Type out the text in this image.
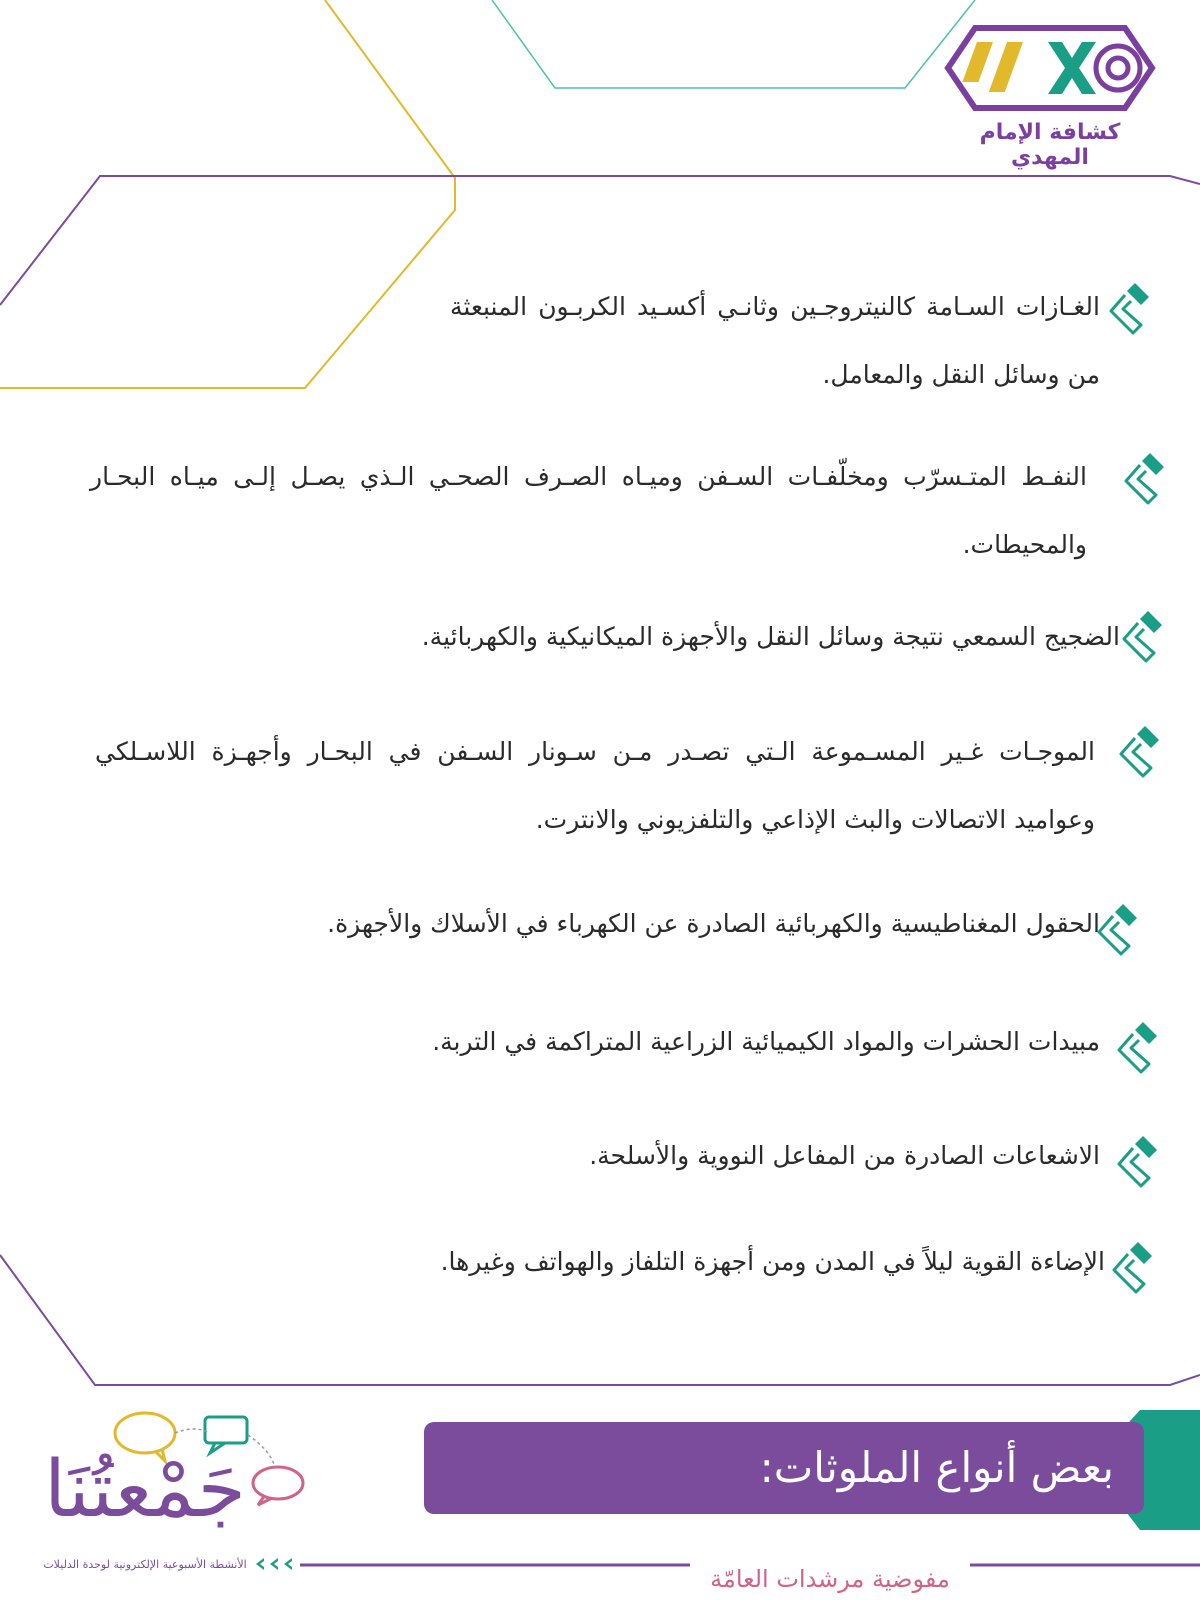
كشافة الإمام المهدي
الغـازات السـامة كالنيتروجـين وثانـي أكسـيد الكربـون المنبعثة من وسائل النقل والمعامل.
النفـط المتـسرّب ومخلّفـات السـفن وميـاه الصـرف الصحـي الـذي يصـل إلـى ميـاه البحـار والمحيطات.
الضجيج السمعي نتيجة وسائل النقل والأجهزة الميكانيكية والكهربائية.
الموجـات غـير المسـموعة الـتي تصـدر مـن سـونار السـفن في البحـار وأجهـزة اللاسـلكي وعواميد الاتصالات والبث الإذاعي والتلفزيوني والانترت.
الحقول المغناطيسية والكهربائية الصادرة عن الكهرباء في الأسلاك والأجهزة.
مبيدات الحشرات والمواد الكيميائية الزراعية المتراكمة في التربة.
الاشعاعات الصادرة من المفاعل النووية والأسلحة.
الإضاءة القوية ليلاً في المدن ومن أجهزة التلفاز والهواتف وغيرها.
بعض أنواع الملوثات:
مفوضية مرشدات العامّة
جَمْعتُنَا
الأنشطة الأسبوعية الإلكترونية لوحدة الدليلات
